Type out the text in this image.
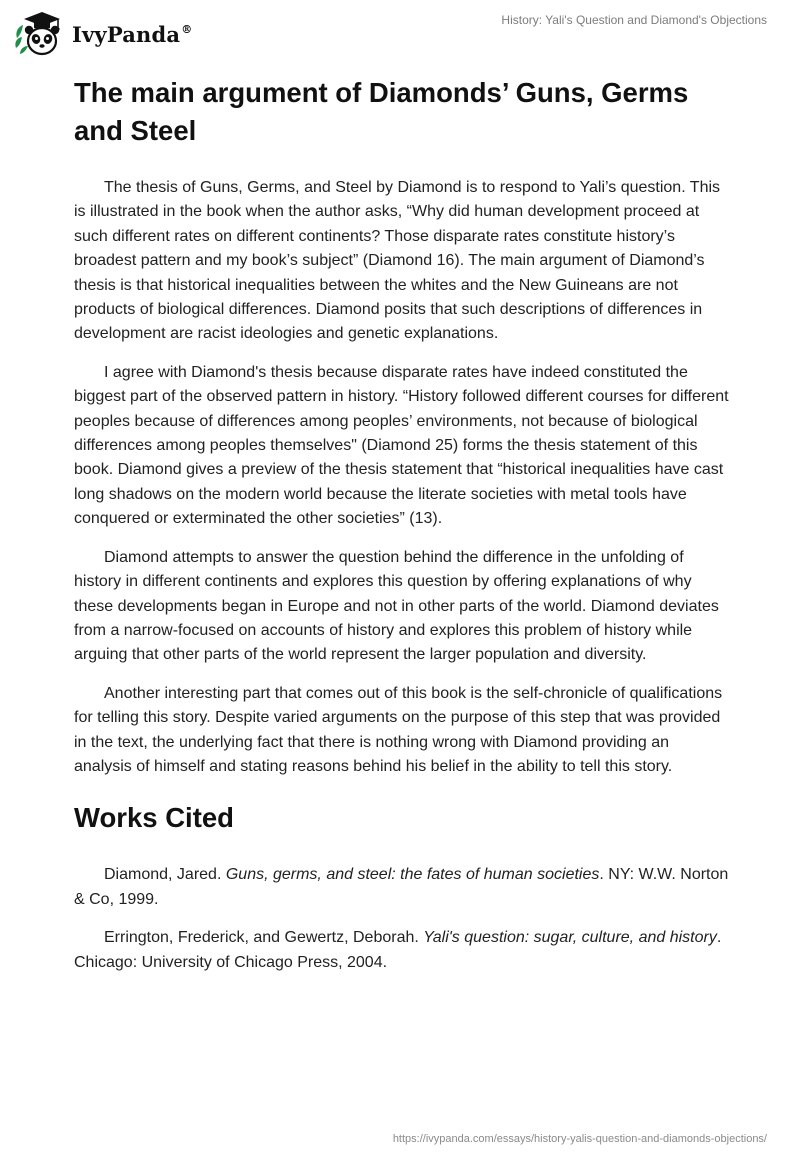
IvyPanda®
History: Yali's Question and Diamond's Objections
The main argument of Diamonds’ Guns, Germs and Steel

The thesis of Guns, Germs, and Steel by Diamond is to respond to Yali’s question. This is illustrated in the book when the author asks, “Why did human development proceed at such different rates on different continents? Those disparate rates constitute history’s broadest pattern and my book’s subject” (Diamond 16). The main argument of Diamond’s thesis is that historical inequalities between the whites and the New Guineans are not products of biological differences. Diamond posits that such descriptions of differences in development are racist ideologies and genetic explanations.

I agree with Diamond's thesis because disparate rates have indeed constituted the biggest part of the observed pattern in history. “History followed different courses for different peoples because of differences among peoples’ environments, not because of biological differences among peoples themselves" (Diamond 25) forms the thesis statement of this book. Diamond gives a preview of the thesis statement that “historical inequalities have cast long shadows on the modern world because the literate societies with metal tools have conquered or exterminated the other societies” (13).

Diamond attempts to answer the question behind the difference in the unfolding of history in different continents and explores this question by offering explanations of why these developments began in Europe and not in other parts of the world. Diamond deviates from a narrow-focused on accounts of history and explores this problem of history while arguing that other parts of the world represent the larger population and diversity.

Another interesting part that comes out of this book is the self-chronicle of qualifications for telling this story. Despite varied arguments on the purpose of this step that was provided in the text, the underlying fact that there is nothing wrong with Diamond providing an analysis of himself and stating reasons behind his belief in the ability to tell this story.

Works Cited

Diamond, Jared. Guns, germs, and steel: the fates of human societies. NY: W.W. Norton & Co, 1999.

Errington, Frederick, and Gewertz, Deborah. Yali's question: sugar, culture, and history. Chicago: University of Chicago Press, 2004.

https://ivypanda.com/essays/history-yalis-question-and-diamonds-objections/
